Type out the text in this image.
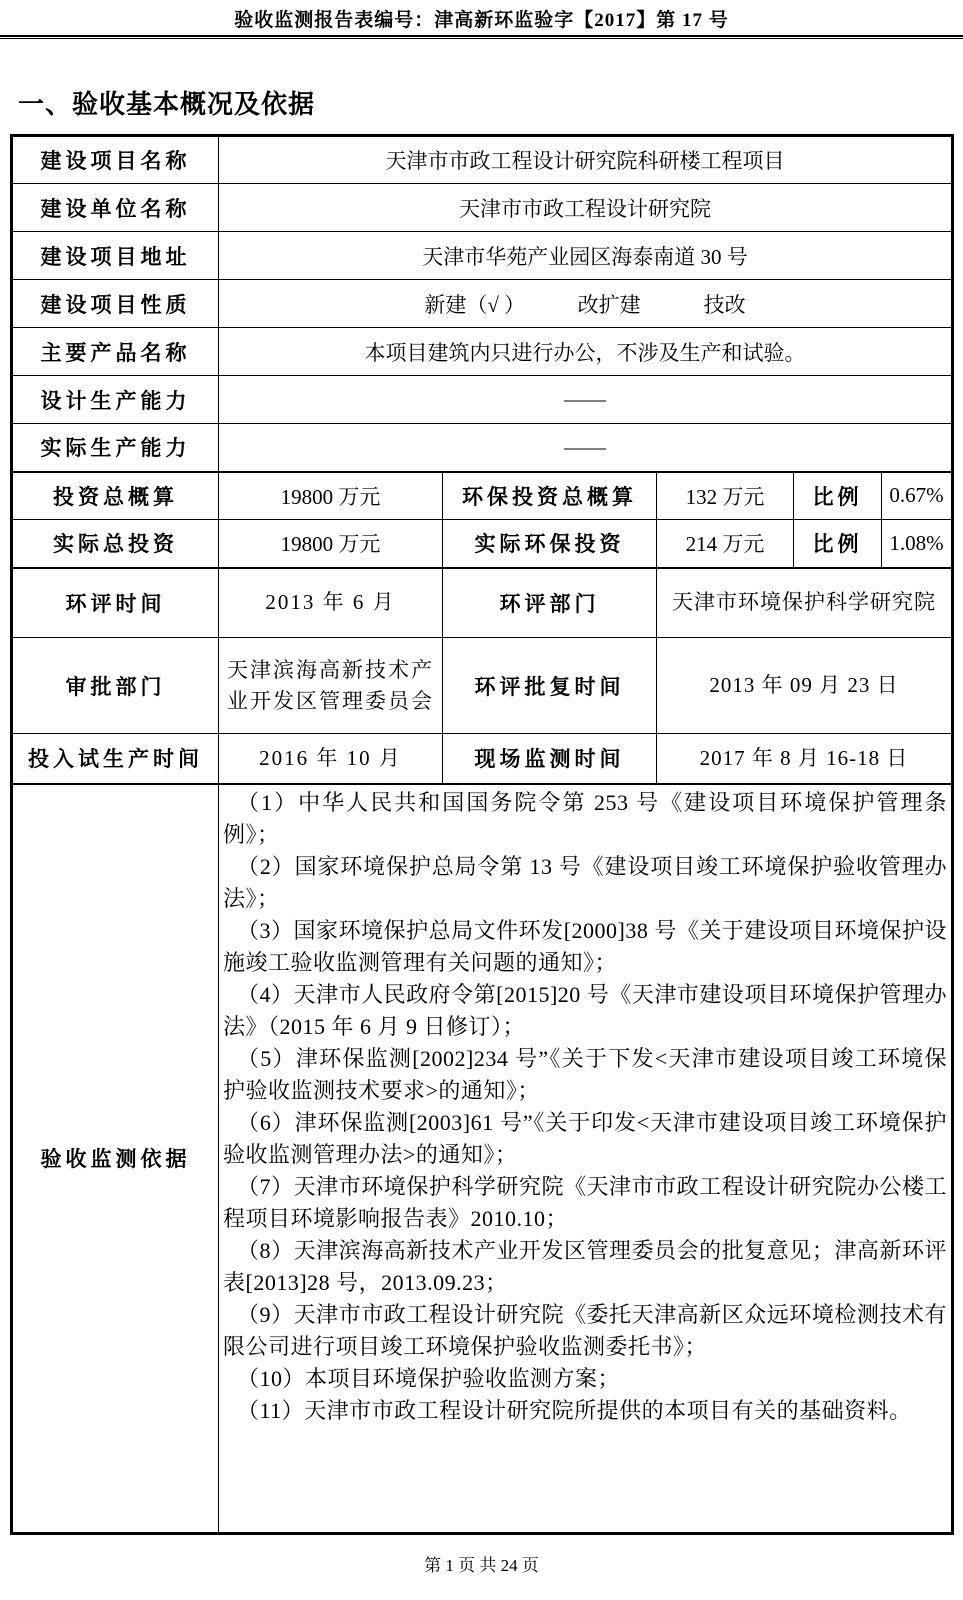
验收监测报告表编号：津高新环监验字【2017】第 17 号
一、验收基本概况及依据
建设项目名称	天津市市政工程设计研究院科研楼工程项目				
建设单位名称	天津市市政工程设计研究院				
建设项目地址	天津市华苑产业园区海泰南道 30 号				
建设项目性质	新建（√ ）　　　改扩建　　　技改				
主要产品名称	本项目建筑内只进行办公，不涉及生产和试验。				
设计生产能力	——				
实际生产能力	——				
投资总概算	19800 万元	环保投资总概算	132 万元	比例	0.67%
实际总投资	19800 万元	实际环保投资	214 万元	比例	1.08%
环评时间	2013 年 6 月	环评部门	天津市环境保护科学研究院		
审批部门	天津滨海高新技术产业开发区管理委员会	环评批复时间	2013 年 09 月 23 日		
投入试生产时间	2016 年 10 月	现场监测时间	2017 年 8 月 16-18 日		
验收监测依据	

（1）中华人民共和国国务院令第 253 号《建设项目环境保护管理条例》；

（2）国家环境保护总局令第 13 号《建设项目竣工环境保护验收管理办法》；

（3）国家环境保护总局文件环发[2000]38 号《关于建设项目环境保护设施竣工验收监测管理有关问题的通知》；

（4）天津市人民政府令第[2015]20 号《天津市建设项目环境保护管理办法》（2015 年 6 月 9 日修订）；

（5）津环保监测[2002]234 号”《关于下发<天津市建设项目竣工环境保护验收监测技术要求>的通知》；

（6）津环保监测[2003]61 号”《关于印发<天津市建设项目竣工环境保护验收监测管理办法>的通知》；

（7）天津市环境保护科学研究院《天津市市政工程设计研究院办公楼工程项目环境影响报告表》2010.10；

（8）天津滨海高新技术产业开发区管理委员会的批复意见；津高新环评表[2013]28 号，2013.09.23；

（9）天津市市政工程设计研究院《委托天津高新区众远环境检测技术有限公司进行项目竣工环境保护验收监测委托书》；

（10）本项目环境保护验收监测方案；

（11）天津市市政工程设计研究院所提供的本项目有关的基础资料。

第 1 页 共 24 页
